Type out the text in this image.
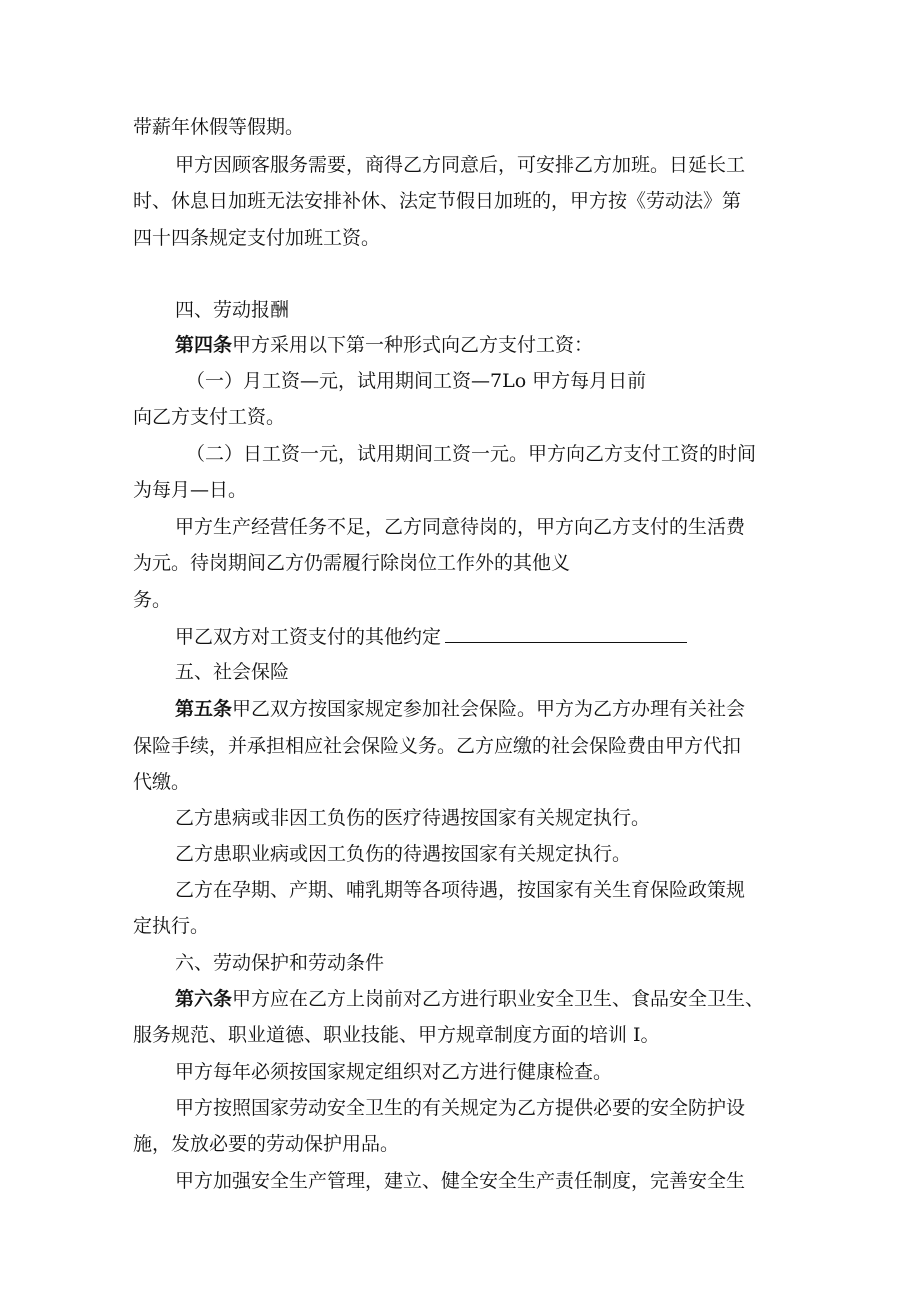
带薪年休假等假期。
甲方因顾客服务需要，商得乙方同意后，可安排乙方加班。日延长工
时、休息日加班无法安排补休、法定节假日加班的，甲方按《劳动法》第
四十四条规定支付加班工资。
四、劳动报酬
第四条甲方采用以下第一种形式向乙方支付工资：
（一）月工资—元，试用期间工资—7Lo 甲方每月日前
向乙方支付工资。
（二）日工资一元，试用期间工资一元。甲方向乙方支付工资的时间
为每月—日。
甲方生产经营任务不足，乙方同意待岗的，甲方向乙方支付的生活费
为元。待岗期间乙方仍需履行除岗位工作外的其他义
务。
甲乙双方对工资支付的其他约定
五、社会保险
第五条甲乙双方按国家规定参加社会保险。甲方为乙方办理有关社会
保险手续，并承担相应社会保险义务。乙方应缴的社会保险费由甲方代扣
代缴。
乙方患病或非因工负伤的医疗待遇按国家有关规定执行。
乙方患职业病或因工负伤的待遇按国家有关规定执行。
乙方在孕期、产期、哺乳期等各项待遇，按国家有关生育保险政策规
定执行。
六、劳动保护和劳动条件
第六条甲方应在乙方上岗前对乙方进行职业安全卫生、食品安全卫生、
服务规范、职业道德、职业技能、甲方规章制度方面的培训 I。
甲方每年必须按国家规定组织对乙方进行健康检查。
甲方按照国家劳动安全卫生的有关规定为乙方提供必要的安全防护设
施，发放必要的劳动保护用品。
甲方加强安全生产管理，建立、健全安全生产责任制度，完善安全生
